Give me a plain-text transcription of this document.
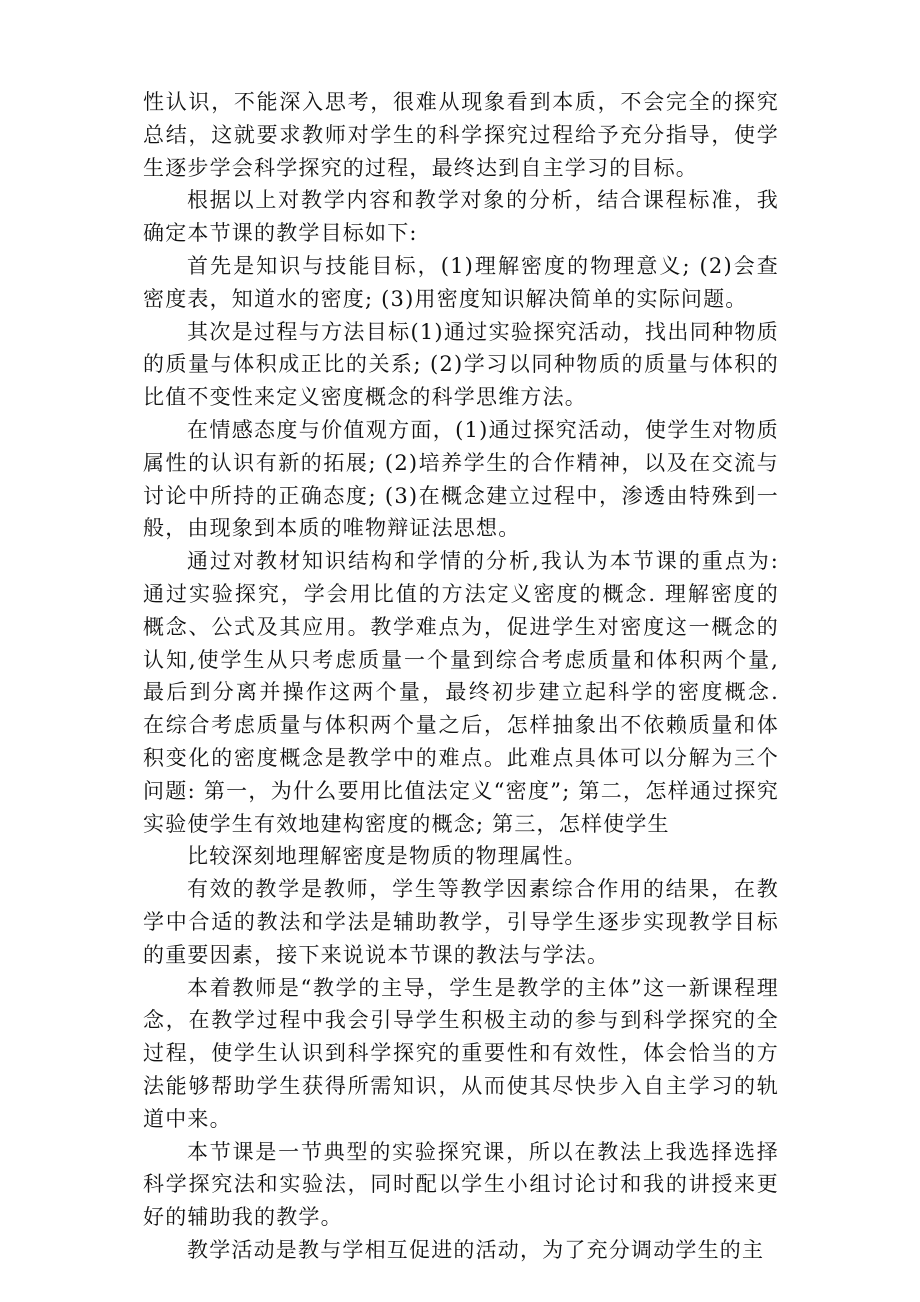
性认识，不能深入思考，很难从现象看到本质，不会完全的探究总结，这就要求教师对学生的科学探究过程给予充分指导，使学生逐步学会科学探究的过程，最终达到自主学习的目标。

根据以上对教学内容和教学对象的分析，结合课程标准，我确定本节课的教学目标如下:

首先是知识与技能目标，(1)理解密度的物理意义; (2)会查密度表，知道水的密度; (3)用密度知识解决简单的实际问题。

其次是过程与方法目标(1)通过实验探究活动，找出同种物质的质量与体积成正比的关系; (2)学习以同种物质的质量与体积的比值不变性来定义密度概念的科学思维方法。

在情感态度与价值观方面，(1)通过探究活动，使学生对物质属性的认识有新的拓展; (2)培养学生的合作精神，以及在交流与讨论中所持的正确态度; (3)在概念建立过程中，渗透由特殊到一般，由现象到本质的唯物辩证法思想。

通过对教材知识结构和学情的分析,我认为本节课的重点为:通过实验探究，学会用比值的方法定义密度的概念. 理解密度的概念、公式及其应用。教学难点为，促进学生对密度这一概念的认知,使学生从只考虑质量一个量到综合考虑质量和体积两个量,最后到分离并操作这两个量，最终初步建立起科学的密度概念. 在综合考虑质量与体积两个量之后，怎样抽象出不依赖质量和体积变化的密度概念是教学中的难点。此难点具体可以分解为三个问题: 第一，为什么要用比值法定义“密度”; 第二，怎样通过探究实验使学生有效地建构密度的概念; 第三，怎样使学生

比较深刻地理解密度是物质的物理属性。

有效的教学是教师，学生等教学因素综合作用的结果，在教学中合适的教法和学法是辅助教学，引导学生逐步实现教学目标的重要因素，接下来说说本节课的教法与学法。

本着教师是“教学的主导，学生是教学的主体”这一新课程理念，在教学过程中我会引导学生积极主动的参与到科学探究的全过程，使学生认识到科学探究的重要性和有效性，体会恰当的方法能够帮助学生获得所需知识，从而使其尽快步入自主学习的轨道中来。

本节课是一节典型的实验探究课，所以在教法上我选择选择科学探究法和实验法，同时配以学生小组讨论讨和我的讲授来更好的辅助我的教学。

教学活动是教与学相互促进的活动，为了充分调动学生的主
